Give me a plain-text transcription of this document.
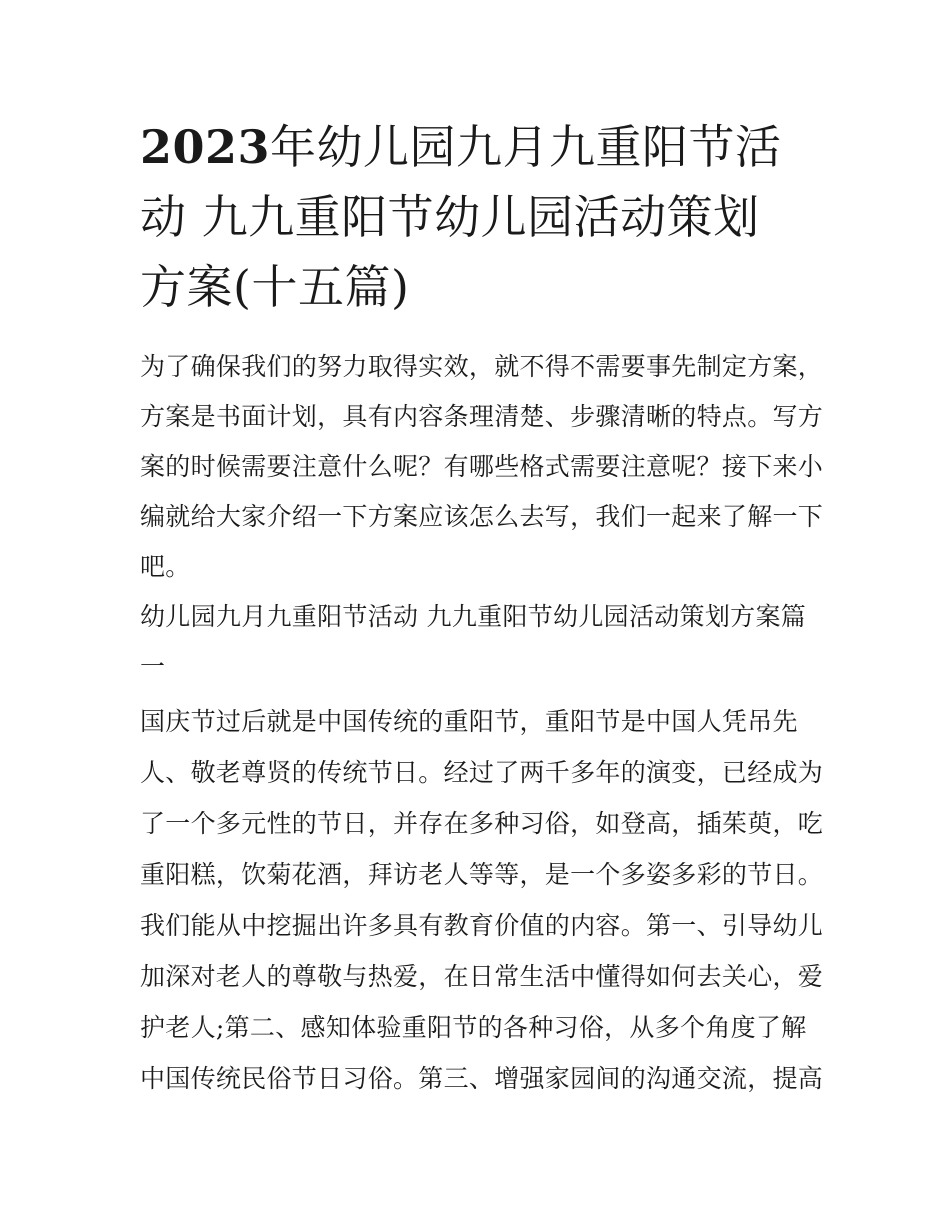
2023年幼儿园九月九重阳节活
动 九九重阳节幼儿园活动策划
方案(十五篇)
为了确保我们的努力取得实效，就不得不需要事先制定方案，
方案是书面计划，具有内容条理清楚、步骤清晰的特点。写方
案的时候需要注意什么呢？有哪些格式需要注意呢？接下来小
编就给大家介绍一下方案应该怎么去写，我们一起来了解一下
吧。
幼儿园九月九重阳节活动 九九重阳节幼儿园活动策划方案篇
一
国庆节过后就是中国传统的重阳节，重阳节是中国人凭吊先
人、敬老尊贤的传统节日。经过了两千多年的演变，已经成为
了一个多元性的节日，并存在多种习俗，如登高，插茱萸，吃
重阳糕，饮菊花酒，拜访老人等等，是一个多姿多彩的节日。
我们能从中挖掘出许多具有教育价值的内容。第一、引导幼儿
加深对老人的尊敬与热爱，在日常生活中懂得如何去关心，爱
护老人;第二、感知体验重阳节的各种习俗，从多个角度了解
中国传统民俗节日习俗。第三、增强家园间的沟通交流，提高
